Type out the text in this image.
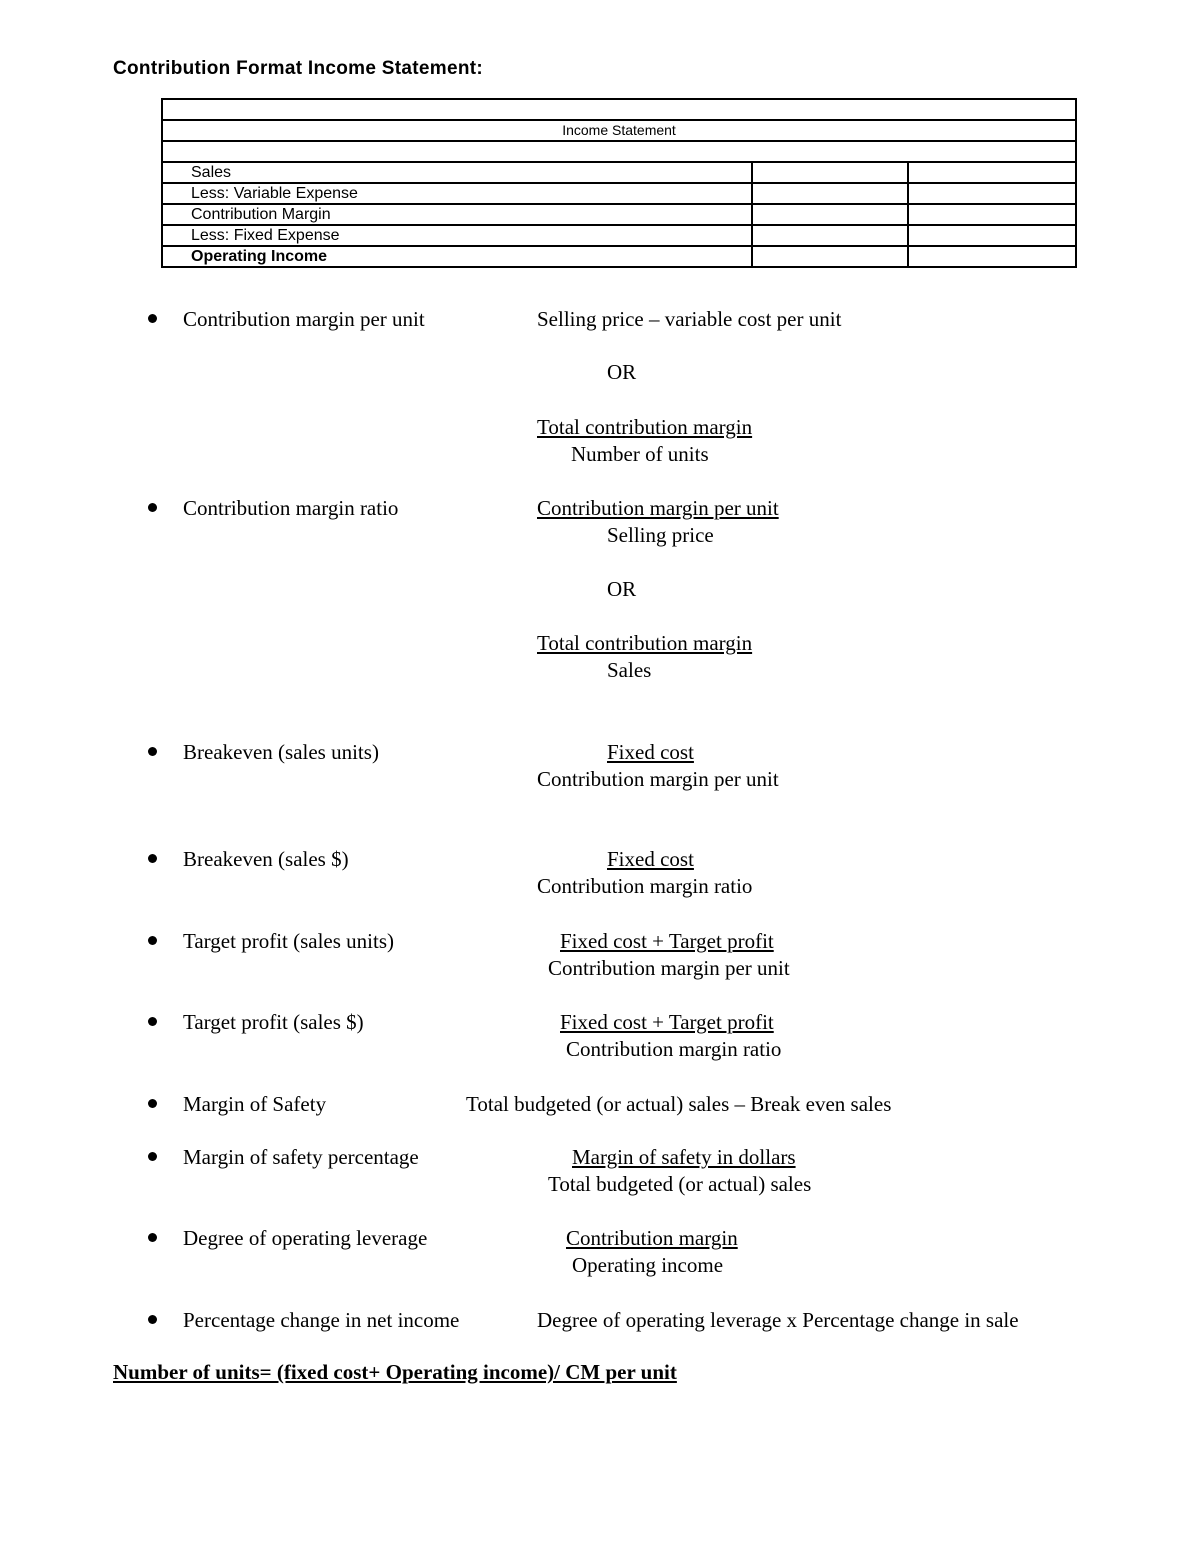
Contribution Format Income Statement:

Income Statement		

Sales		
Less: Variable Expense		
Contribution Margin		
Less: Fixed Expense		
Operating Income		
Contribution margin per unit	Selling price – variable cost per unit
OR
Total contribution margin
Number of units
Contribution margin ratio	Contribution margin per unit
Selling price
OR
Total contribution margin
Sales
Breakeven (sales units)	Fixed cost
Contribution margin per unit
Breakeven (sales $)	Fixed cost
Contribution margin ratio
Target profit (sales units)	Fixed cost + Target profit
Contribution margin per unit
Target profit (sales $)	Fixed cost + Target profit
Contribution margin ratio
Margin of Safety	Total budgeted (or actual) sales – Break even sales
Margin of safety percentage	Margin of safety in dollars
Total budgeted (or actual) sales
Degree of operating leverage	Contribution margin
Operating income
Percentage change in net income	Degree of operating leverage x Percentage change in sale
Number of units= (fixed cost+ Operating income)/ CM per unit
